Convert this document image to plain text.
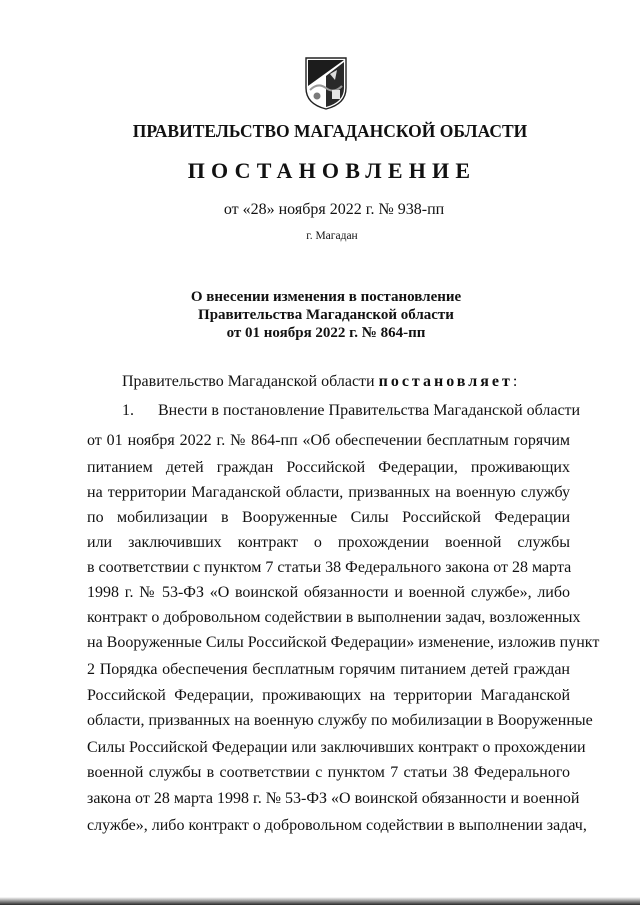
ПРАВИТЕЛЬСТВО МАГАДАНСКОЙ ОБЛАСТИ
ПОСТАНОВЛЕНИЕ
от «28» ноября 2022 г. № 938-пп
г. Магадан
О внесении изменения в постановление
Правительства Магаданской области
от 01 ноября 2022 г. № 864-пп
Правительство Магаданской области постановляет:
1. Внести в постановление Правительства Магаданской области
от 01 ноября 2022 г. № 864-пп «Об обеспечении бесплатным горячим
питанием детей граждан Российской Федерации, проживающих
на территории Магаданской области, призванных на военную службу
по мобилизации в Вооруженные Силы Российской Федерации
или заключивших контракт о прохождении военной службы
в соответствии с пунктом 7 статьи 38 Федерального закона от 28 марта
1998 г. № 53-ФЗ «О воинской обязанности и военной службе», либо
контракт о добровольном содействии в выполнении задач, возложенных
на Вооруженные Силы Российской Федерации» изменение, изложив пункт
2 Порядка обеспечения бесплатным горячим питанием детей граждан
Российской Федерации, проживающих на территории Магаданской
области, призванных на военную службу по мобилизации в Вооруженные
Силы Российской Федерации или заключивших контракт о прохождении
военной службы в соответствии с пунктом 7 статьи 38 Федерального
закона от 28 марта 1998 г. № 53-ФЗ «О воинской обязанности и военной
службе», либо контракт о добровольном содействии в выполнении задач,
